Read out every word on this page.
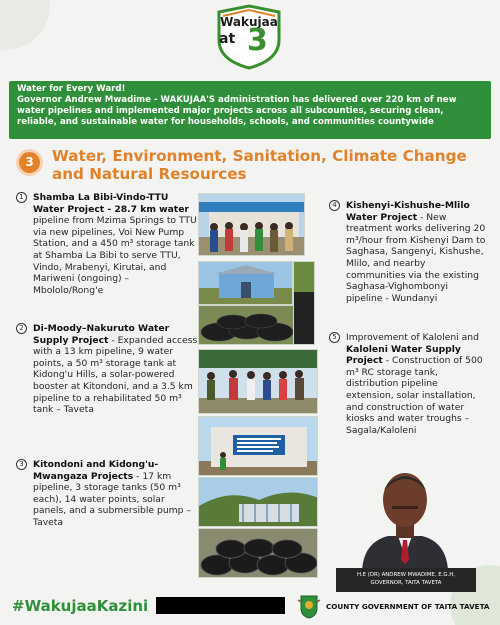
Wakujaa
at 3
Water for Every Ward!
Governor Andrew Mwadime - WAKUJAA'S administration has delivered over 220 km of new water pipelines and implemented major projects across all subcounties, securing clean, reliable, and sustainable water for households, schools, and communities countywide
3	Water, Environment, Sanitation, Climate Change and Natural Resources
1	Shamba La Bibi-Vindo-TTU Water Project - 28.7 km water pipeline from Mzima Springs to TTU via new pipelines, Voi New Pump Station, and a 450 m³ storage tank at Shamba La Bibi to serve TTU, Vindo, Mrabenyi, Kirutai, and Mariweni (ongoing) – Mbololo/Rong'e
2	Di-Moody–Nakuruto Water Supply Project - Expanded access with a 13 km pipeline, 9 water points, a 50 m³ storage tank at Kidong'u Hills, a solar-powered booster at Kitondoni, and a 3.5 km pipeline to a rehabilitated 50 m³ tank – Taveta
3	Kitondoni and Kidong'u-Mwangaza Projects - 17 km pipeline, 3 storage tanks (50 m³ each), 14 water points, solar panels, and a submersible pump – Taveta
4	Kishenyi-Kishushe-Mlilo Water Project - New treatment works delivering 20 m³/hour from Kishenyi Dam to Saghasa, Sangenyi, Kishushe, Mlilo, and nearby communities via the existing Saghasa-Vighombonyi pipeline - Wundanyi
5	Improvement of Kaloleni and Kaloleni Water Supply Project - Construction of 500 m³ RC storage tank, distribution pipeline extension, solar installation, and construction of water kiosks and water troughs – Sagala/Kaloleni
H.E (DR) ANDREW MWADIME, E.G.H,
GOVERNOR, TAITA TAVETA
#WakujaaKazini	COUNTY GOVERNMENT OF TAITA TAVETA
